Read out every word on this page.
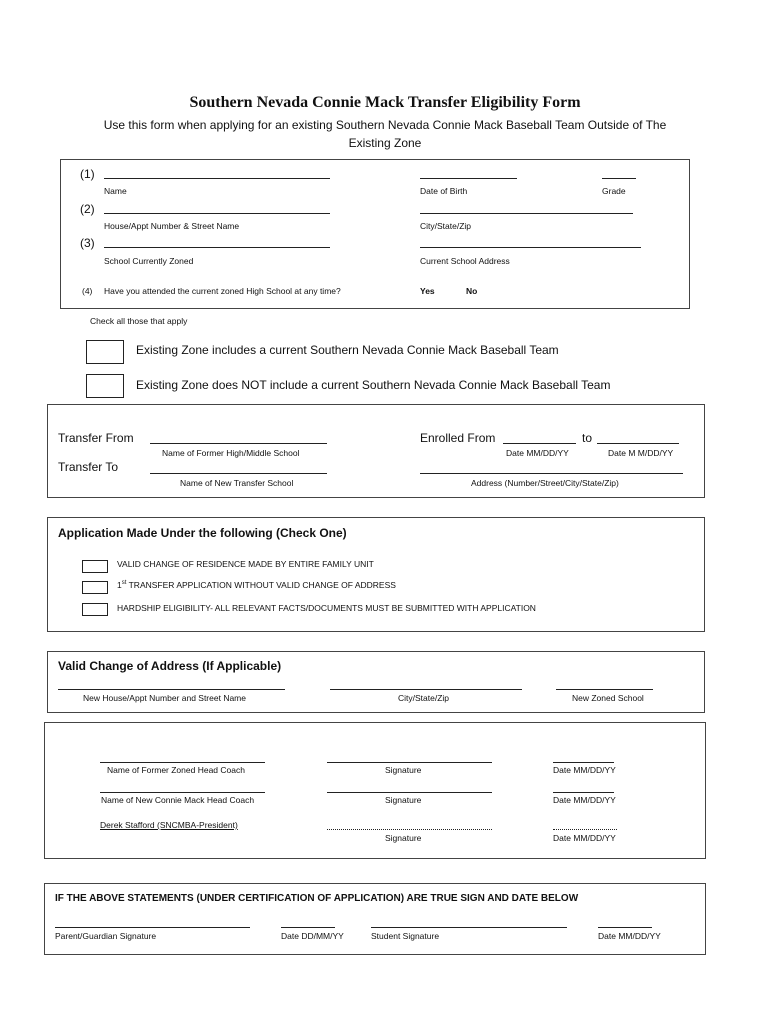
Southern Nevada Connie Mack Transfer Eligibility Form
Use this form when applying for an existing Southern Nevada Connie Mack Baseball Team Outside of The Existing Zone
(1)
Name	Date of Birth	Grade
(2)
House/Appt Number & Street Name	City/State/Zip
(3)
School Currently Zoned	Current School Address
(4) Have you attended the current zoned High School at any time?	Yes	No
Check all those that apply
Existing Zone includes a current Southern Nevada Connie Mack Baseball Team
Existing Zone does NOT include a current Southern Nevada Connie Mack Baseball Team
Transfer From
Name of Former High/Middle School
Transfer To
Name of New Transfer School
Enrolled From	to
Date MM/DD/YY	Date M M/DD/YY
Address (Number/Street/City/State/Zip)
Application Made Under the following (Check One)
VALID CHANGE OF RESIDENCE MADE BY ENTIRE FAMILY UNIT
1st TRANSFER APPLICATION WITHOUT VALID CHANGE OF ADDRESS
HARDSHIP ELIGIBILITY- ALL RELEVANT FACTS/DOCUMENTS MUST BE SUBMITTED WITH APPLICATION
Valid Change of Address (If Applicable)
New House/Appt Number and Street Name	City/State/Zip	New Zoned School
Name of Former Zoned Head Coach	Signature	Date MM/DD/YY
Name of New Connie Mack Head Coach	Signature	Date MM/DD/YY
Derek Stafford (SNCMBA-President)
Signature	Date MM/DD/YY
IF THE ABOVE STATEMENTS (UNDER CERTIFICATION OF APPLICATION) ARE TRUE SIGN AND DATE BELOW
Parent/Guardian Signature	Date DD/MM/YY	Student Signature	Date MM/DD/YY
